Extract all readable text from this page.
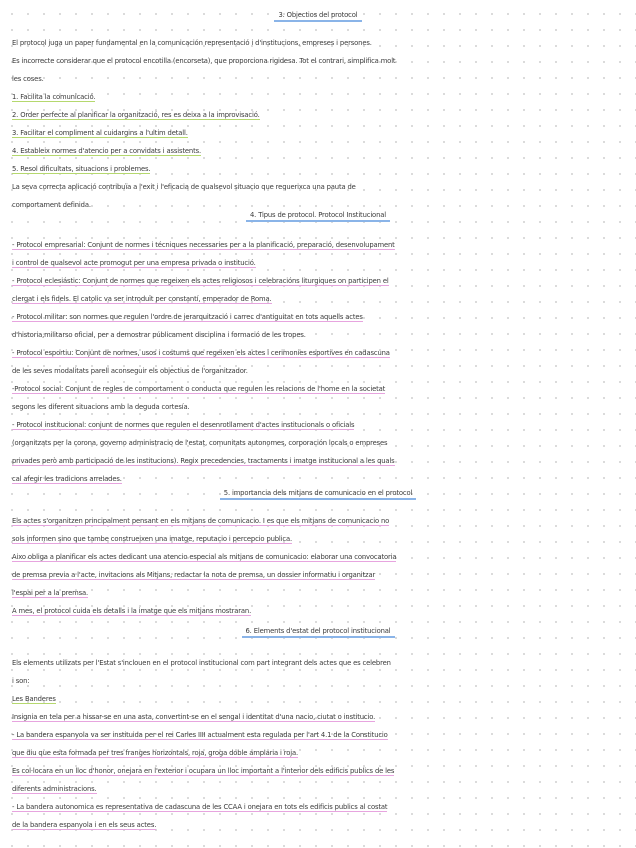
3. Objectios del protocol
El protocol juga un paper fundamental en la comunicación representació i d'institucions, empreses i persones.
Es incorrecte considerar que el protocol encotilla (encorseta), que proporciona rigidesa. Tot el contrari, simplifica molt
les coses.
1. Facilita la comunicació.
2. Order perfecte al planificar la organització, res es deixa a la improvisació.
3. Facilitar el compliment al cuidargins a l'ultim detall.
4. Estableix normes d'atencio per a convidats i assistents.
5. Resol dificultats, situacions i problemes.
La seva correcta aplicació contribuïa a l'exit i l'eficacia de qualsevol situacio que requerixca una pauta de
comportament definida.
4. Tipus de protocol. Protocol Institucional
- Protocol empresarial: Conjunt de normes i técniques necessaries per a la planificació, preparació, desenvolupament
i control de qualsevol acte promogut per una empresa privada o institució.
- Protocol eclesiástic: Conjunt de normes que regeixen els actes religiosos i celebracións liturgiques on participen el
clergat i els fidels. El catolic va ser introduït per constantí, emperador de Roma.
- Protocol militar: son normes que regulen l'ordre de jerarquització i carrec d'antiguitat en tots aquells actes
d'historia,militarso oficial, per a demostrar públicament disciplina i formació de les tropes.
- Protocol esportiu: Conjunt de normes, usos i costums que regeixen els actes i cerimonies esportives en cadascuna
de les seves modalitats parell aconseguir els objectius de l'organitzador.
-Protocol social: Conjunt de regles de comportament o conducta que regulen les relacions de l'home en la societat
segons les diferent situacions amb la deguda cortesía.
- Protocol institucional: conjunt de normes que regulen el desenrotllament d'actes institucionals o oficials
(organitzats per la corona, governo administracio de l'estat, comunitats autonomes, corporación locals o empreses
privades però amb participació de les institucions). Regix precedencies, tractaments i imatge institucional a les quals
cal afegir les tradicions arrelades.
5. importancia dels mitjans de comunicacio en el protocol
Els actes s'organitzen principalment pensant en els mitjans de comunicacio. I es que els mitjans de comunicacio no
sols informen sino que tambe construeixen una imatge, reputacio i percepcio publica.
Aixo obliga a planificar els actes dedicant una atencio especial als mitjans de comunicacio: elaborar una convocatoria
de premsa previa a l'acte, invitacions als Mitjans, redactar la nota de premsa, un dossier informatiu i organitzar
l'espai per a la premsa.
A mes, el protocol cuida els detalls i la imatge que els mitjans mostraran.
6. Elements d'estat del protocol institucional
Els elements utilizats per l'Estat s'inclouen en el protocol institucional com part integrant dels actes que es celebren
i son:
Les Banderes
Insignia en tela per a hissar-se en una asta, convertint-se en el sengal i identitat d'una nacio, ciutat o institucio.
- La bandera espanyola va ser instituida per el rei Carles IIII actualment esta regulada per l'art 4.1 de la Constitucio
que diu que esta formada per tres franges horizontals, roja, groga doble amplaria i roja.
Es col·locara en un lloc d'honor, onejara en l'exterior i ocupara un lloc important a l'interior dels edificis publics de les
diferents administracions.
- La bandera autonomica es representativa de cadascuna de les CCAA i onejara en tots els edificis publics al costat
de la bandera espanyola i en els seus actes.
